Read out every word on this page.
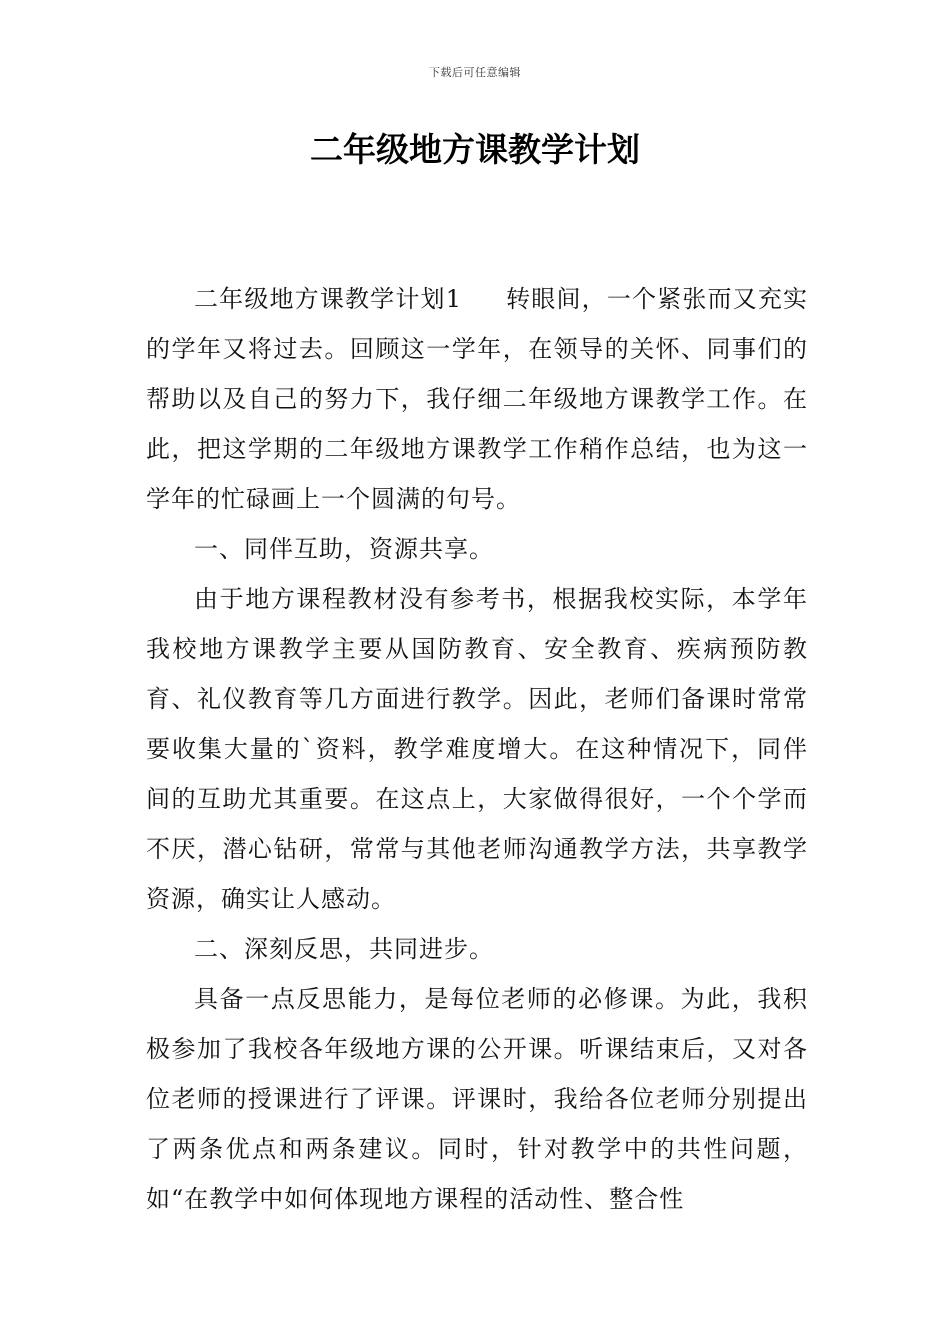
下载后可任意编辑
二年级地方课教学计划

二年级地方课教学计划1 转眼间，一个紧张而又充实的学年又将过去。回顾这一学年，在领导的关怀、同事们的帮助以及自己的努力下，我仔细二年级地方课教学工作。在此，把这学期的二年级地方课教学工作稍作总结，也为这一学年的忙碌画上一个圆满的句号。

一、同伴互助，资源共享。

由于地方课程教材没有参考书，根据我校实际，本学年我校地方课教学主要从国防教育、安全教育、疾病预防教育、礼仪教育等几方面进行教学。因此，老师们备课时常常要收集大量的`资料，教学难度增大。在这种情况下，同伴间的互助尤其重要。在这点上，大家做得很好，一个个学而不厌，潜心钻研，常常与其他老师沟通教学方法，共享教学资源，确实让人感动。

二、深刻反思，共同进步。

具备一点反思能力，是每位老师的必修课。为此，我积极参加了我校各年级地方课的公开课。听课结束后，又对各位老师的授课进行了评课。评课时，我给各位老师分别提出了两条优点和两条建议。同时，针对教学中的共性问题，如“在教学中如何体现地方课程的活动性、整合性
